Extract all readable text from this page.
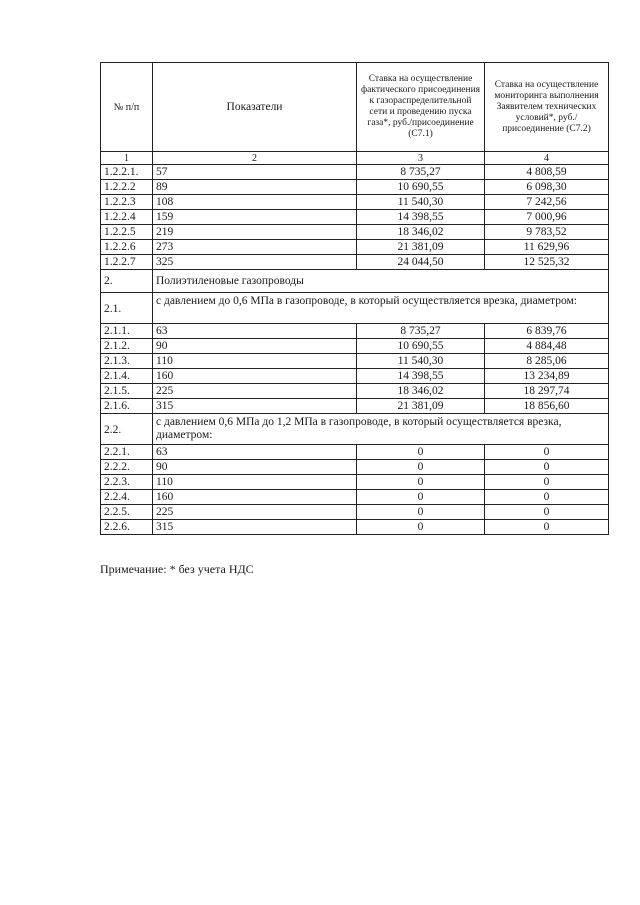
№ п/п	Показатели	Ставка на осуществление фактического присоединения к газораспределительной сети и проведению пуска газа*, руб./присоединение (С7.1)	Ставка на осуществление мониторинга выполнения Заявителем технических условий*, руб./присоединение (С7.2)
1	2	3	4
1.2.2.1.	57	8 735,27	4 808,59
1.2.2.2	89	10 690,55	6 098,30
1.2.2.3	108	11 540,30	7 242,56
1.2.2.4	159	14 398,55	7 000,96
1.2.2.5	219	18 346,02	9 783,52
1.2.2.6	273	21 381,09	11 629,96
1.2.2.7	325	24 044,50	12 525,32
2.	Полиэтиленовые газопроводы		
2.1.	с давлением до 0,6 МПа в газопроводе, в который осуществляется врезка, диаметром:		
2.1.1.	63	8 735,27	6 839,76
2.1.2.	90	10 690,55	4 884,48
2.1.3.	110	11 540,30	8 285,06
2.1.4.	160	14 398,55	13 234,89
2.1.5.	225	18 346,02	18 297,74
2.1.6.	315	21 381,09	18 856,60
2.2.	с давлением 0,6 МПа до 1,2 МПа в газопроводе, в который осуществляется врезка, диаметром:		
2.2.1.	63	0	0
2.2.2.	90	0	0
2.2.3.	110	0	0
2.2.4.	160	0	0
2.2.5.	225	0	0
2.2.6.	315	0	0
Примечание: * без учета НДС
